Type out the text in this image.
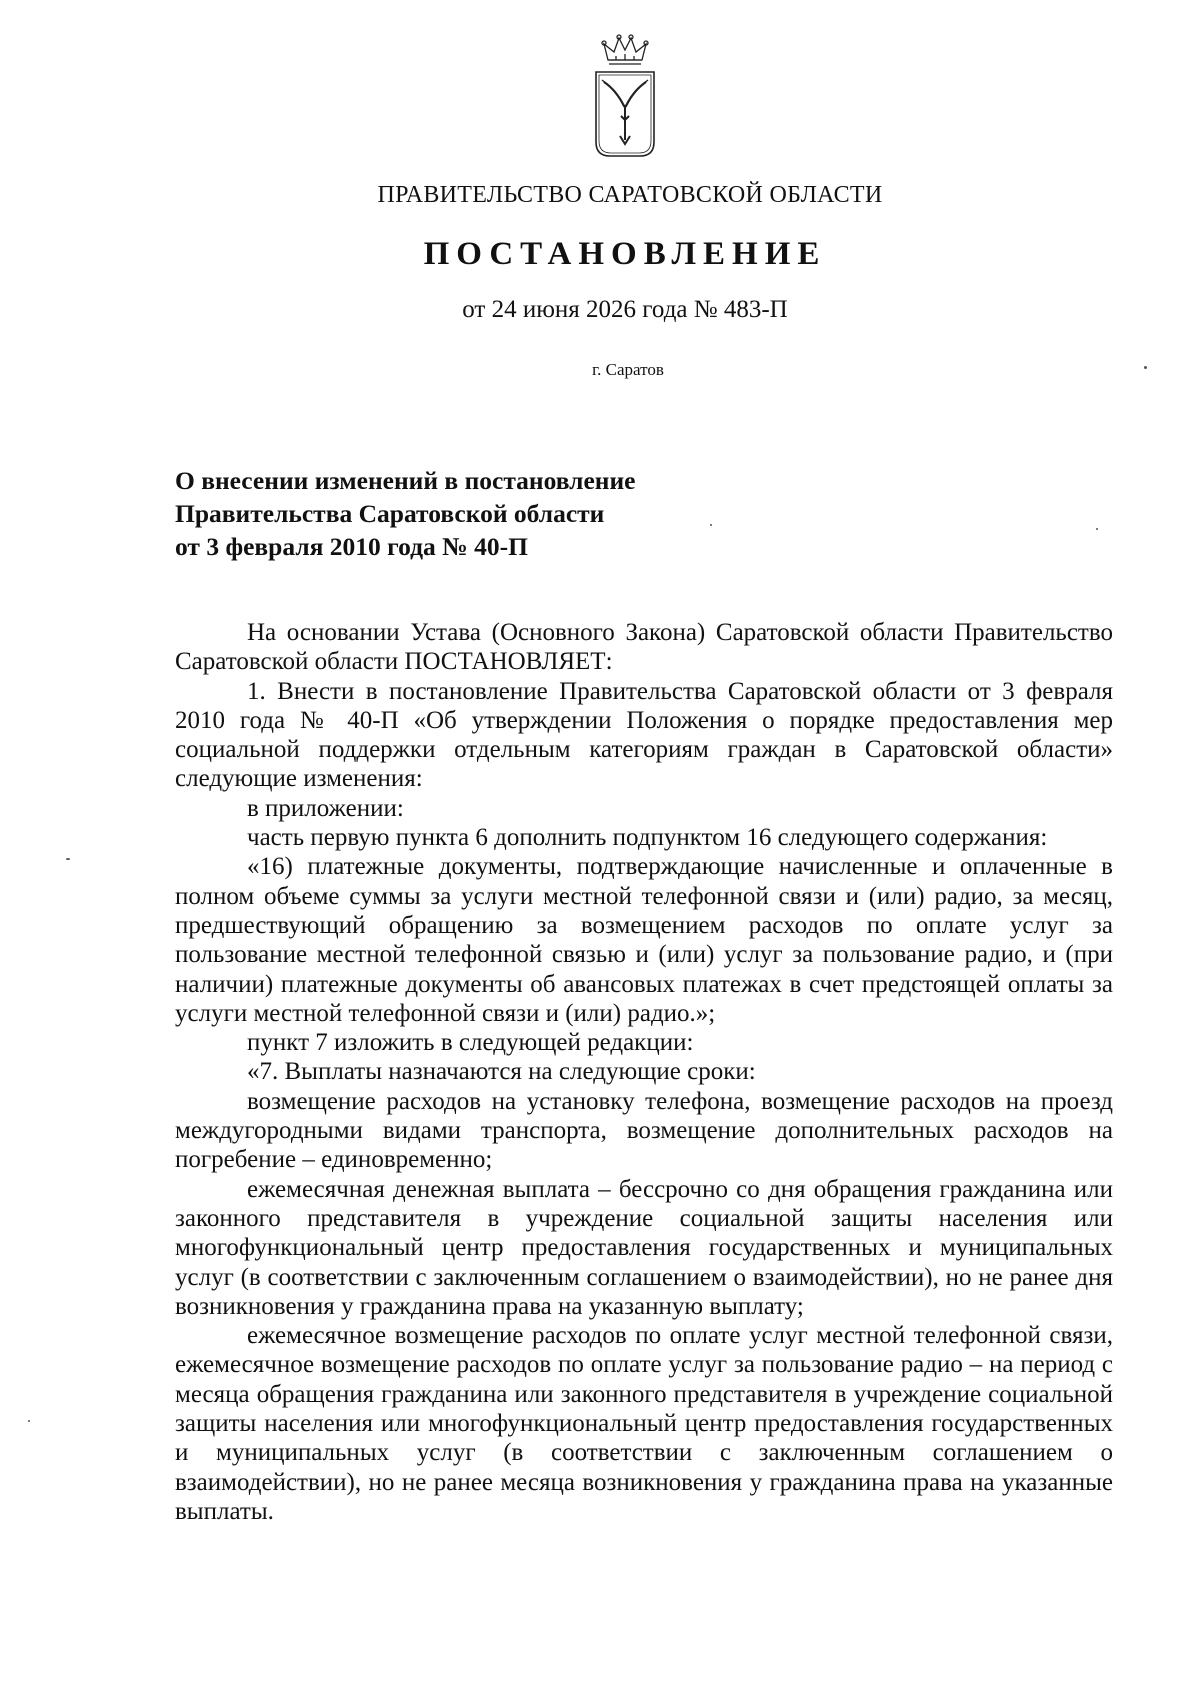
ПРАВИТЕЛЬСТВО САРАТОВСКОЙ ОБЛАСТИ
ПОСТАНОВЛЕНИЕ
от 24 июня 2026 года № 483-П
г. Саратов
О внесении изменений в постановление
Правительства Саратовской области
от 3 февраля 2010 года № 40-П

На основании Устава (Основного Закона) Саратовской области Правительство Саратовской области ПОСТАНОВЛЯЕТ:

1. Внести в постановление Правительства Саратовской области от 3 февраля 2010 года № 40-П «Об утверждении Положения о порядке предоставления мер социальной поддержки отдельным категориям граждан в Саратовской области» следующие изменения:

в приложении:

часть первую пункта 6 дополнить подпунктом 16 следующего содержания:

«16) платежные документы, подтверждающие начисленные и оплаченные в полном объеме суммы за услуги местной телефонной связи и (или) радио, за месяц, предшествующий обращению за возмещением расходов по оплате услуг за пользование местной телефонной связью и (или) услуг за пользование радио, и (при наличии) платежные документы об авансовых платежах в счет предстоящей оплаты за услуги местной телефонной связи и (или) радио.»;

пункт 7 изложить в следующей редакции:

«7. Выплаты назначаются на следующие сроки:

возмещение расходов на установку телефона, возмещение расходов на проезд междугородными видами транспорта, возмещение дополнительных расходов на погребение – единовременно;

ежемесячная денежная выплата – бессрочно со дня обращения гражданина или законного представителя в учреждение социальной защиты населения или многофункциональный центр предоставления государственных и муниципальных услуг (в соответствии с заключенным соглашением о взаимодействии), но не ранее дня возникновения у гражданина права на указанную выплату;

ежемесячное возмещение расходов по оплате услуг местной телефонной связи, ежемесячное возмещение расходов по оплате услуг за пользование радио – на период с месяца обращения гражданина или законного представителя в учреждение социальной защиты населения или многофункциональный центр предоставления государственных и муниципальных услуг (в соответствии с заключенным соглашением о взаимодействии), но не ранее месяца возникновения у гражданина права на указанные выплаты.
